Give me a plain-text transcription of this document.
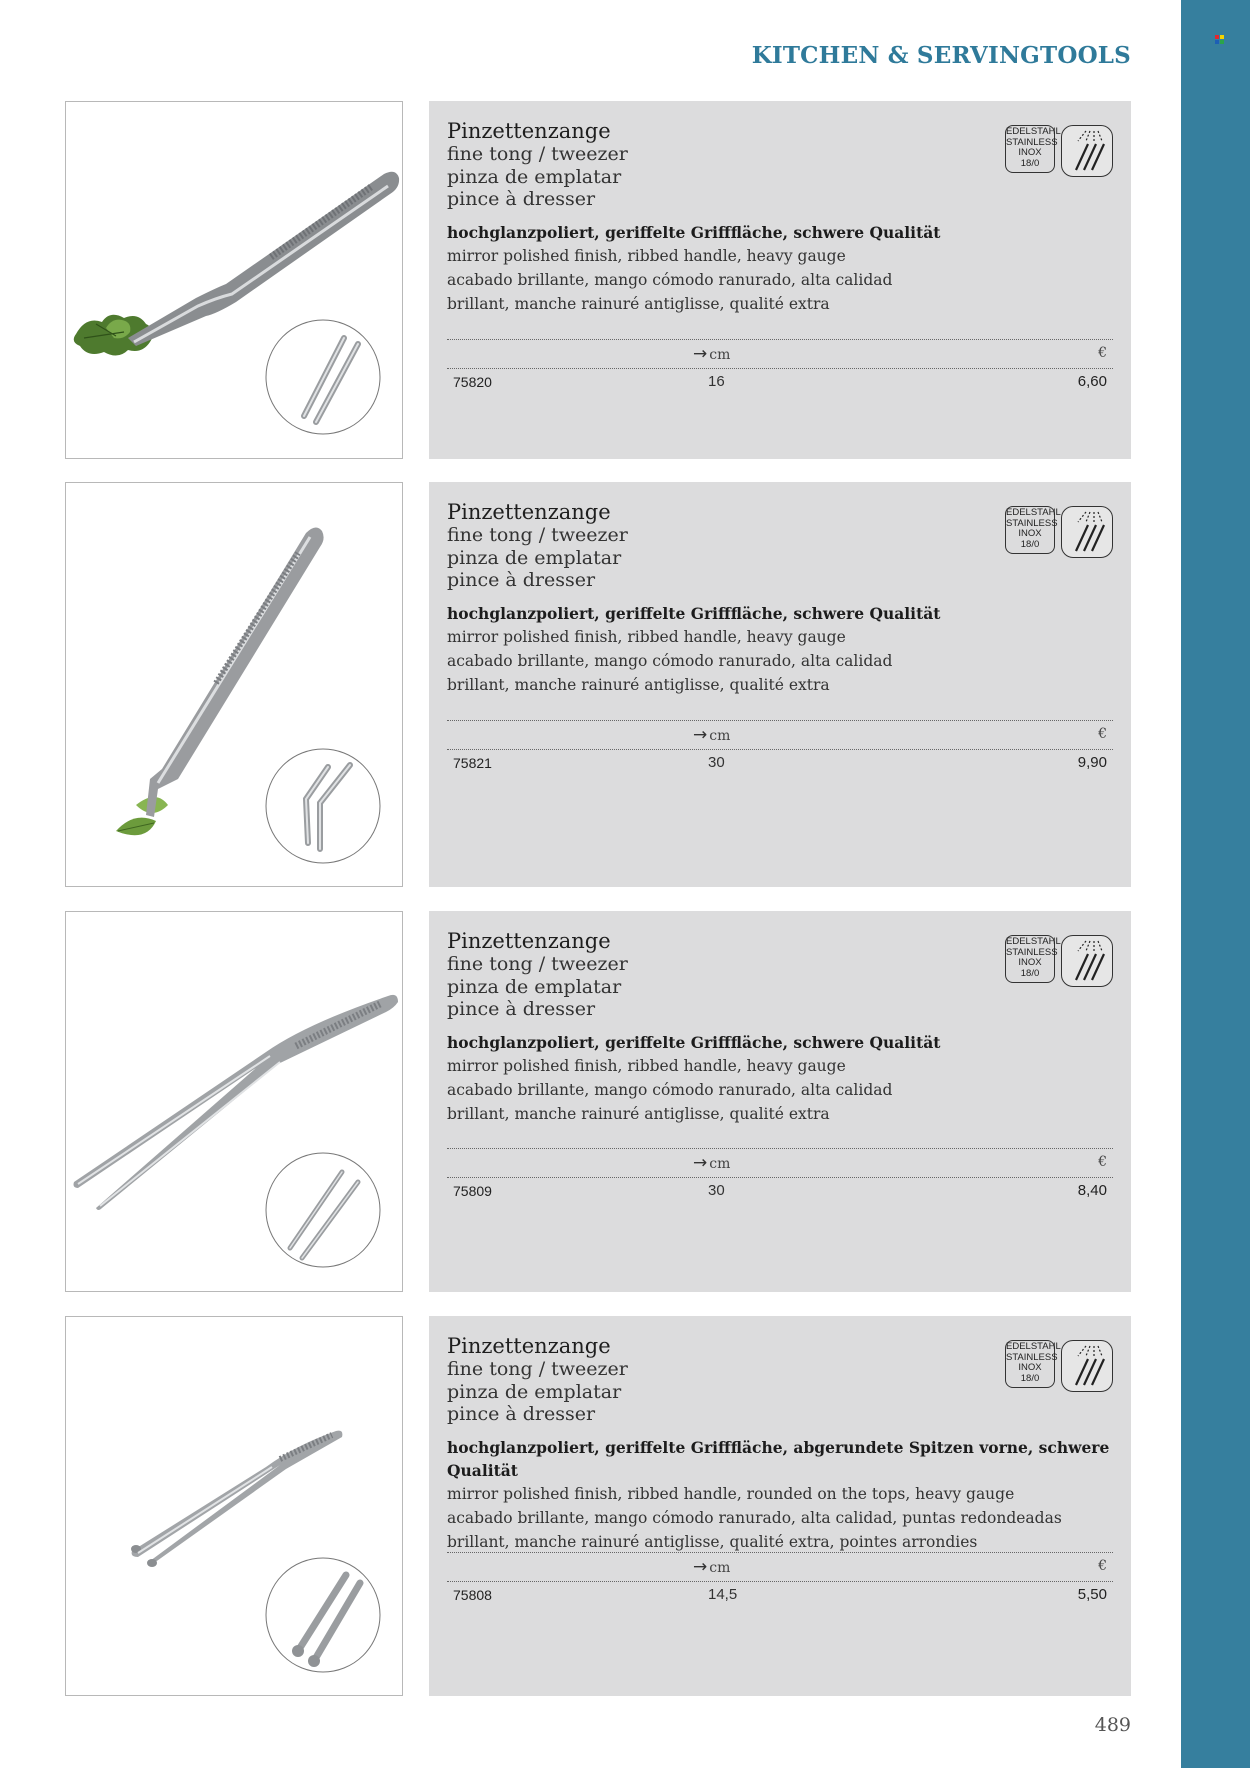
KITCHEN & SERVINGTOOLS
Pinzettenzange
fine tong / tweezer
pinza de emplatar
pince à dresser
EDELSTAHL
STAINLESS
INOX
18/0
hochglanzpoliert, geriffelte Grifffläche, schwere Qualität
mirror polished finish, ribbed handle, heavy gauge
acabado brillante, mango cómodo ranurado, alta calidad
brillant, manche rainuré antiglisse, qualité extra
→ cm	€
75820	16	6,60
Pinzettenzange
fine tong / tweezer
pinza de emplatar
pince à dresser
EDELSTAHL
STAINLESS
INOX
18/0
hochglanzpoliert, geriffelte Grifffläche, schwere Qualität
mirror polished finish, ribbed handle, heavy gauge
acabado brillante, mango cómodo ranurado, alta calidad
brillant, manche rainuré antiglisse, qualité extra
→ cm	€
75821	30	9,90
Pinzettenzange
fine tong / tweezer
pinza de emplatar
pince à dresser
EDELSTAHL
STAINLESS
INOX
18/0
hochglanzpoliert, geriffelte Grifffläche, schwere Qualität
mirror polished finish, ribbed handle, heavy gauge
acabado brillante, mango cómodo ranurado, alta calidad
brillant, manche rainuré antiglisse, qualité extra
→ cm	€
75809	30	8,40
Pinzettenzange
fine tong / tweezer
pinza de emplatar
pince à dresser
EDELSTAHL
STAINLESS
INOX
18/0
hochglanzpoliert, geriffelte Grifffläche, abgerundete Spitzen vorne, schwere Qualität
mirror polished finish, ribbed handle, rounded on the tops, heavy gauge
acabado brillante, mango cómodo ranurado, alta calidad, puntas redondeadas
brillant, manche rainuré antiglisse, qualité extra, pointes arrondies
→ cm	€
75808	14,5	5,50
489
